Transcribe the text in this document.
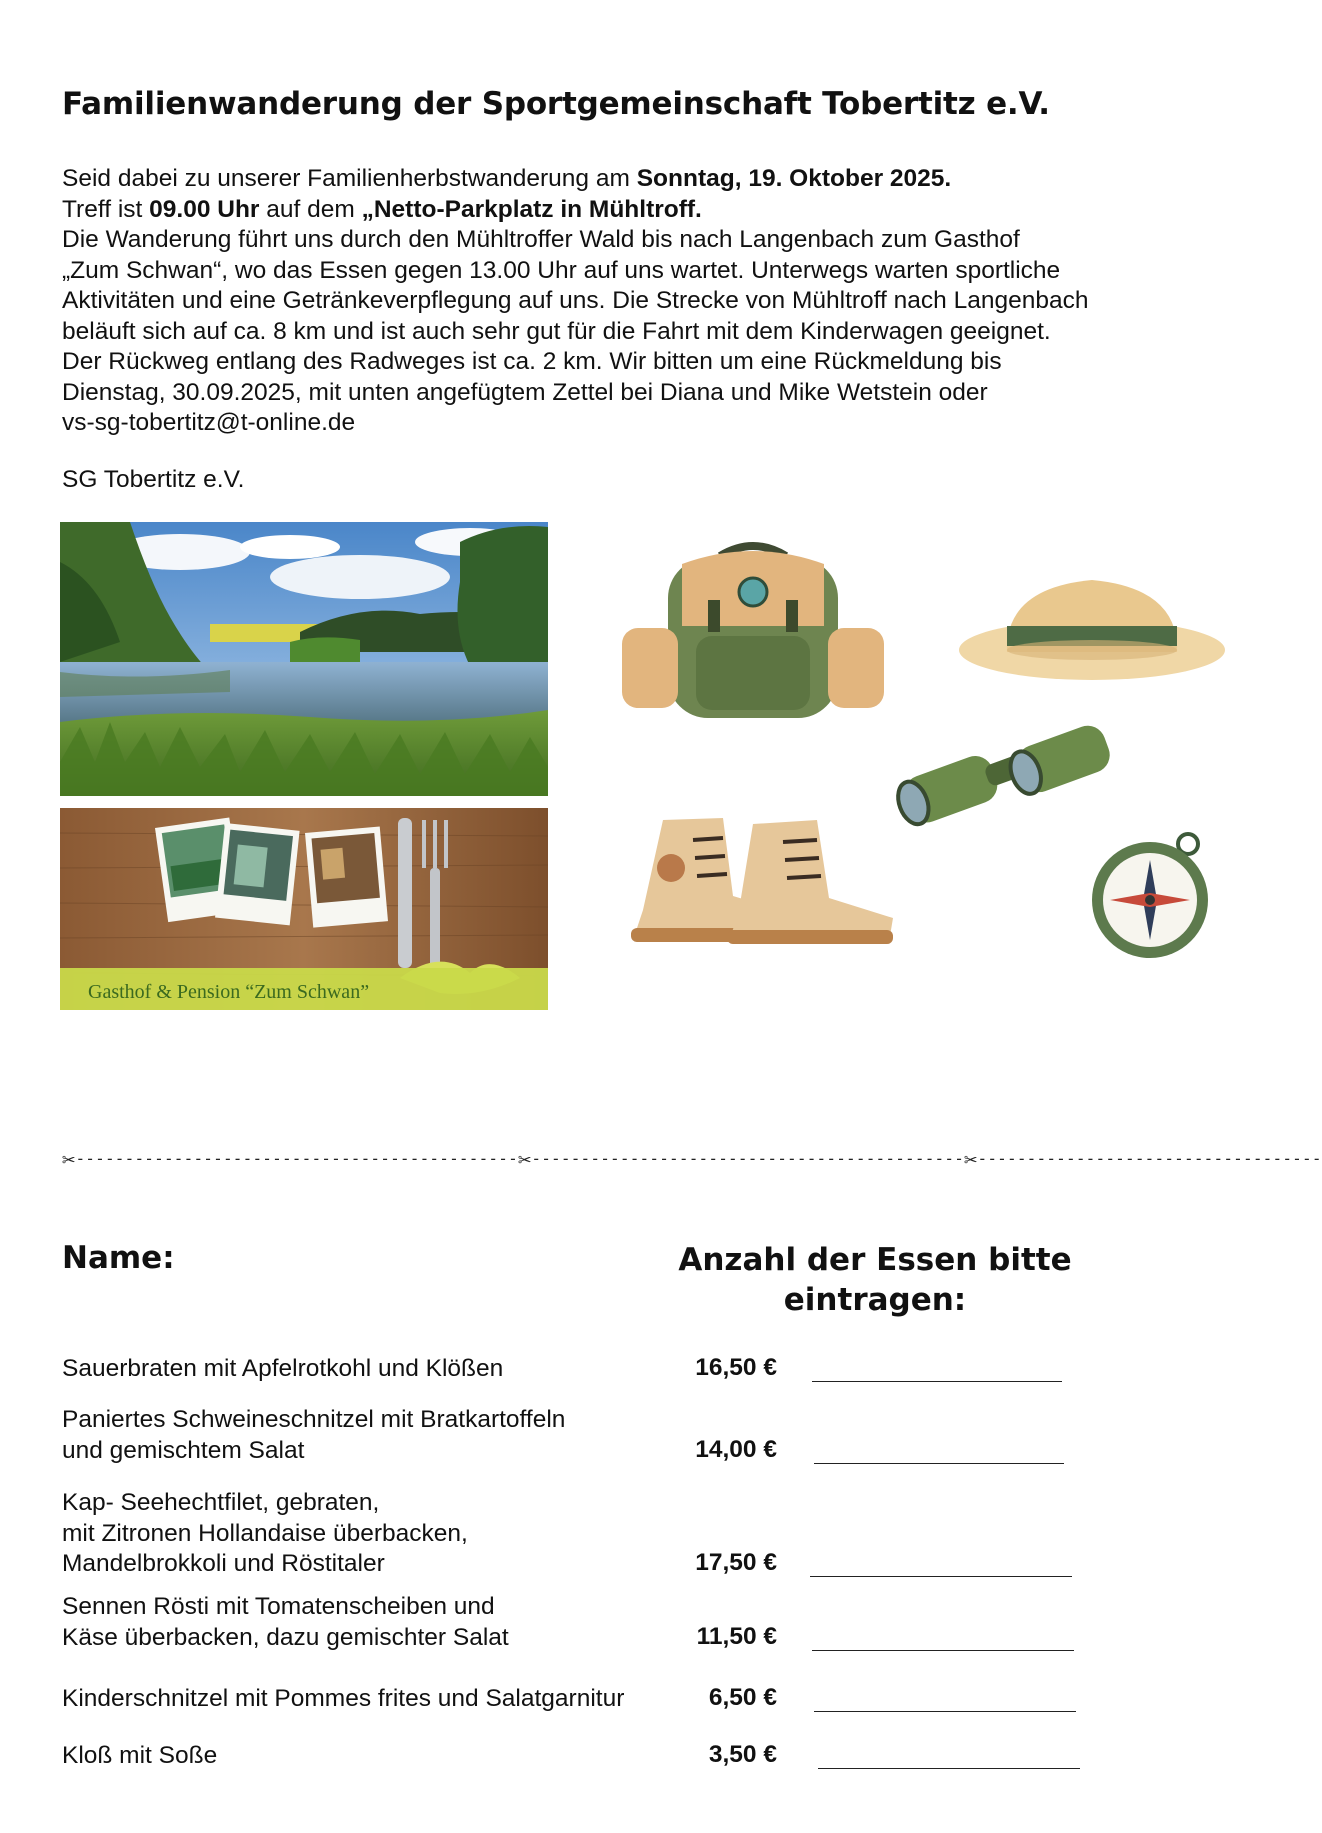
Familienwanderung der Sportgemeinschaft Tobertitz e.V.
Seid dabei zu unserer Familienherbstwanderung am Sonntag, 19. Oktober 2025.
Treff ist 09.00 Uhr auf dem „Netto-Parkplatz in Mühltroff.
Die Wanderung führt uns durch den Mühltroffer Wald bis nach Langenbach zum Gasthof
„Zum Schwan“, wo das Essen gegen 13.00 Uhr auf uns wartet. Unterwegs warten sportliche
Aktivitäten und eine Getränkeverpflegung auf uns. Die Strecke von Mühltroff nach Langenbach
beläuft sich auf ca. 8 km und ist auch sehr gut für die Fahrt mit dem Kinderwagen geeignet.
Der Rückweg entlang des Radweges ist ca. 2 km. Wir bitten um eine Rückmeldung bis
Dienstag, 30.09.2025, mit unten angefügtem Zettel bei Diana und Mike Wetstein oder
vs-sg-tobertitz@t-online.de
SG Tobertitz e.V.
Gasthof & Pension “Zum Schwan”
✂---------------------------------------------✂--------------------------------------------✂-----------------------------------
Name:	Anzahl der Essen bitte
eintragen:
Sauerbraten mit Apfelrotkohl und Klößen	16,50 €
Paniertes Schweineschnitzel mit Bratkartoffeln
und gemischtem Salat	14,00 €
Kap- Seehechtfilet, gebraten,
mit Zitronen Hollandaise überbacken,
Mandelbrokkoli und Röstitaler	17,50 €
Sennen Rösti mit Tomatenscheiben und
Käse überbacken, dazu gemischter Salat	11,50 €
Kinderschnitzel mit Pommes frites und Salatgarnitur	6,50 €
Kloß mit Soße	3,50 €
